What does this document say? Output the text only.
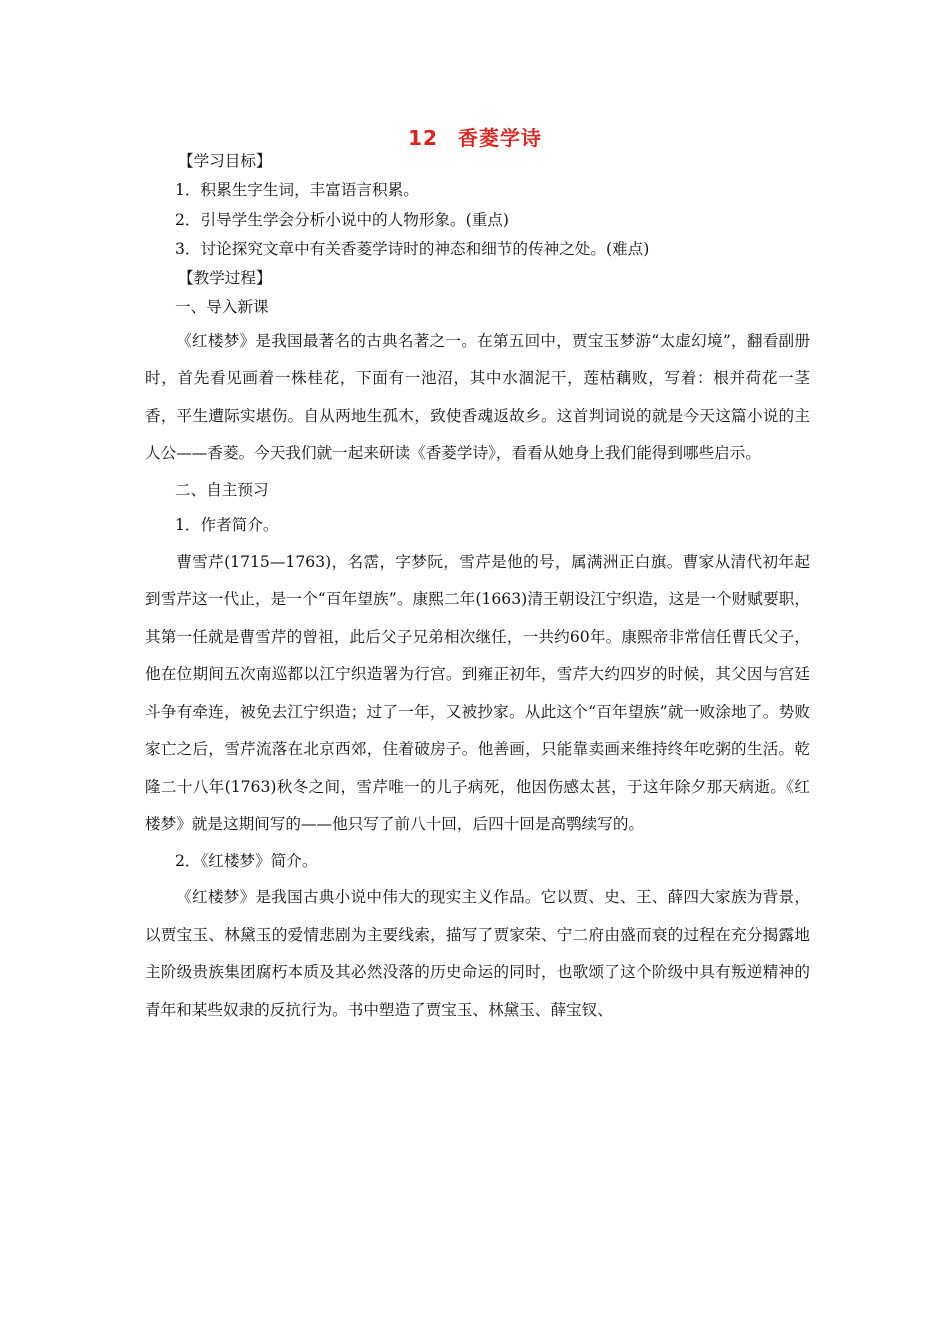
12 香菱学诗

【学习目标】

1．积累生字生词，丰富语言积累。

2．引导学生学会分析小说中的人物形象。(重点)

3．讨论探究文章中有关香菱学诗时的神态和细节的传神之处。(难点)

【教学过程】

一、导入新课

《红楼梦》是我国最著名的古典名著之一。在第五回中，贾宝玉梦游“太虚幻境”，翻看副册时，首先看见画着一株桂花，下面有一池沼，其中水涸泥干，莲枯藕败，写着：根并荷花一茎香，平生遭际实堪伤。自从两地生孤木，致使香魂返故乡。这首判词说的就是今天这篇小说的主人公——香菱。今天我们就一起来研读《香菱学诗》，看看从她身上我们能得到哪些启示。

二、自主预习

1．作者简介。

曹雪芹(1715—1763)，名霑，字梦阮，雪芹是他的号，属满洲正白旗。曹家从清代初年起到雪芹这一代止，是一个“百年望族”。康熙二年(1663)清王朝设江宁织造，这是一个财赋要职，其第一任就是曹雪芹的曾祖，此后父子兄弟相次继任，一共约60年。康熙帝非常信任曹氏父子，他在位期间五次南巡都以江宁织造署为行宫。到雍正初年，雪芹大约四岁的时候，其父因与宫廷斗争有牵连，被免去江宁织造；过了一年，又被抄家。从此这个“百年望族”就一败涂地了。势败家亡之后，雪芹流落在北京西郊，住着破房子。他善画，只能靠卖画来维持终年吃粥的生活。乾隆二十八年(1763)秋冬之间，雪芹唯一的儿子病死，他因伤感太甚，于这年除夕那天病逝。《红楼梦》就是这期间写的——他只写了前八十回，后四十回是高鹗续写的。

2．《红楼梦》简介。

《红楼梦》是我国古典小说中伟大的现实主义作品。它以贾、史、王、薛四大家族为背景，以贾宝玉、林黛玉的爱情悲剧为主要线索，描写了贾家荣、宁二府由盛而衰的过程在充分揭露地主阶级贵族集团腐朽本质及其必然没落的历史命运的同时，也歌颂了这个阶级中具有叛逆精神的青年和某些奴隶的反抗行为。书中塑造了贾宝玉、林黛玉、薛宝钗、
